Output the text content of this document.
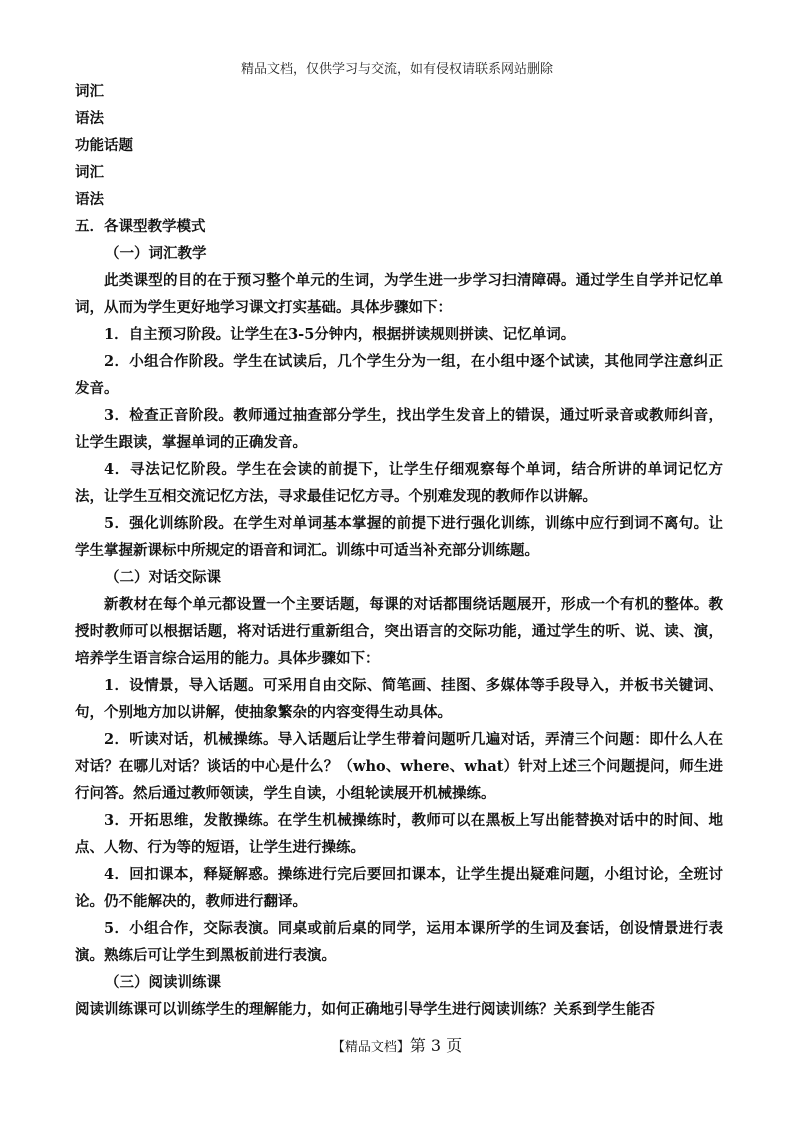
精品文档，仅供学习与交流，如有侵权请联系网站删除
词汇
语法
功能话题
词汇
语法
五．各课型教学模式
（一）词汇教学

此类课型的目的在于预习整个单元的生词，为学生进一步学习扫清障碍。通过学生自学并记忆单词，从而为学生更好地学习课文打实基础。具体步骤如下：

1．自主预习阶段。让学生在3-5分钟内，根据拼读规则拼读、记忆单词。

2．小组合作阶段。学生在试读后，几个学生分为一组，在小组中逐个试读，其他同学注意纠正发音。

3．检查正音阶段。教师通过抽查部分学生，找出学生发音上的错误，通过听录音或教师纠音，让学生跟读，掌握单词的正确发音。

4．寻法记忆阶段。学生在会读的前提下，让学生仔细观察每个单词，结合所讲的单词记忆方法，让学生互相交流记忆方法，寻求最佳记忆方寻。个别难发现的教师作以讲解。

5．强化训练阶段。在学生对单词基本掌握的前提下进行强化训练，训练中应行到词不离句。让学生掌握新课标中所规定的语音和词汇。训练中可适当补充部分训练题。

（二）对话交际课

新教材在每个单元都设置一个主要话题，每课的对话都围绕话题展开，形成一个有机的整体。教授时教师可以根据话题，将对话进行重新组合，突出语言的交际功能，通过学生的听、说、读、演，培养学生语言综合运用的能力。具体步骤如下：

1．设情景，导入话题。可采用自由交际、简笔画、挂图、多媒体等手段导入，并板书关键词、句，个别地方加以讲解，使抽象繁杂的内容变得生动具体。

2．听读对话，机械操练。导入话题后让学生带着问题听几遍对话，弄清三个问题：即什么人在对话？在哪儿对话？谈话的中心是什么？（who、where、what）针对上述三个问题提问，师生进行问答。然后通过教师领读，学生自读，小组轮读展开机械操练。

3．开拓思维，发散操练。在学生机械操练时，教师可以在黑板上写出能替换对话中的时间、地点、人物、行为等的短语，让学生进行操练。

4．回扣课本，释疑解惑。操练进行完后要回扣课本，让学生提出疑难问题，小组讨论，全班讨论。仍不能解决的，教师进行翻译。

5．小组合作，交际表演。同桌或前后桌的同学，运用本课所学的生词及套话，创设情景进行表演。熟练后可让学生到黑板前进行表演。

（三）阅读训练课

阅读训练课可以训练学生的理解能力，如何正确地引导学生进行阅读训练？关系到学生能否

【精品文档】第 3 页
